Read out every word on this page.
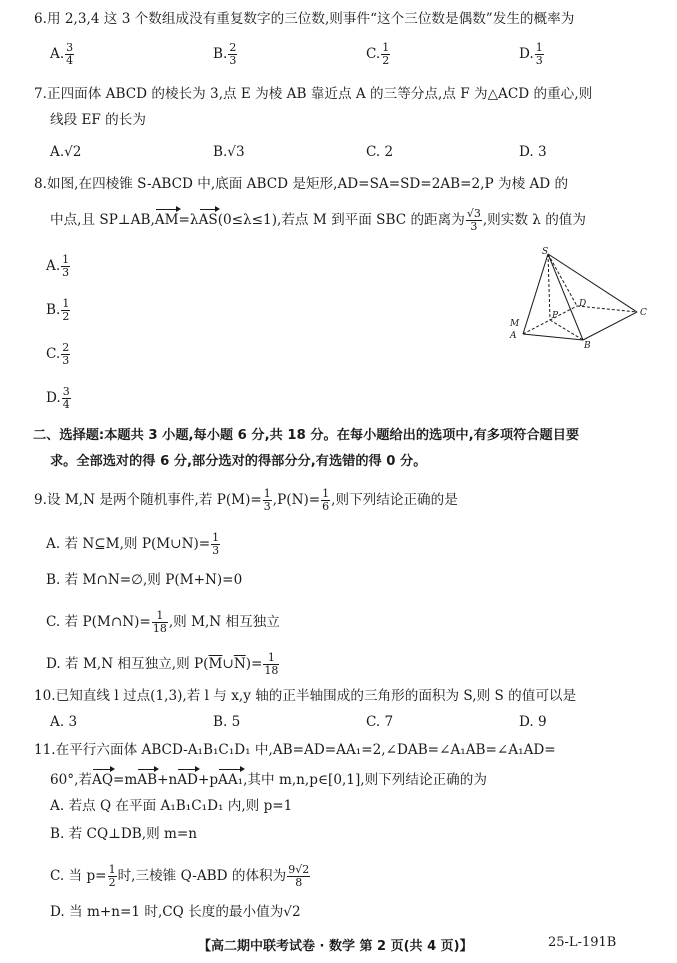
6.用 2,3,4 这 3 个数组成没有重复数字的三位数,则事件“这个三位数是偶数”发生的概率为
A. $\frac{3}{4}$	B. $\frac{2}{3}$	C. $\frac{1}{2}$	D. $\frac{1}{3}$
7.正四面体 ABCD 的棱长为 3,点 E 为棱 AB 靠近点 A 的三等分点,点 F 为△ACD 的重心,则
线段 EF 的长为
A.√2	B.√3	C. 2	D. 3
8.如图,在四棱锥 S-ABCD 中,底面 ABCD 是矩形,AD=SA=SD=2AB=2,P 为棱 AD 的
中点,且 SP⊥AB,AM=λAS(0≤λ≤1),若点 M 到平面 SBC 的距离为 $\frac{√3}{3}$ ,则实数 λ 的值为
A. $\frac{1}{3}$
B. $\frac{1}{2}$
C. $\frac{2}{3}$
D. $\frac{3}{4}$
S
D
C
P
M
A
B
二、选择题:本题共 3 小题,每小题 6 分,共 18 分。在每小题给出的选项中,有多项符合题目要
求。全部选对的得 6 分,部分选对的得部分分,有选错的得 0 分。
9.设 M,N 是两个随机事件,若 $P(M)= \frac{1}{3} ,P(N)= \frac{1}{6}$ ,则下列结论正确的是
A. 若 N⊆M,则 P(M∪N)= $\frac{1}{3}$
B. 若 M∩N=∅,则 P(M+N)=0
C. 若 P(M∩N)= $\frac{1}{18}$ ,则 M,N 相互独立
D. 若 M,N 相互独立,则 $P(\overline{M}\cup\overline{N})= \frac{1}{18}$
10.已知直线 l 过点(1,3),若 l 与 x,y 轴的正半轴围成的三角形的面积为 S,则 S 的值可以是
A. 3	B. 5	C. 7	D. 9
11.在平行六面体 ABCD-A₁B₁C₁D₁ 中,AB=AD=AA₁=2,∠DAB=∠A₁AB=∠A₁AD=
60°,若AQ=mAB+nAD+pAA₁,其中 m,n,p∈[0,1],则下列结论正确的为
A. 若点 Q 在平面 A₁B₁C₁D₁ 内,则 p=1
B. 若 CQ⊥DB,则 m=n
C. 当 $p= \frac{1}{2}$ 时,三棱锥 Q-ABD 的体积为 $\frac{9√2}{8}$
D. 当 m+n=1 时,CQ 长度的最小值为√2
【高二期中联考试卷 · 数学 第 2 页(共 4 页)】	25-L-191B
